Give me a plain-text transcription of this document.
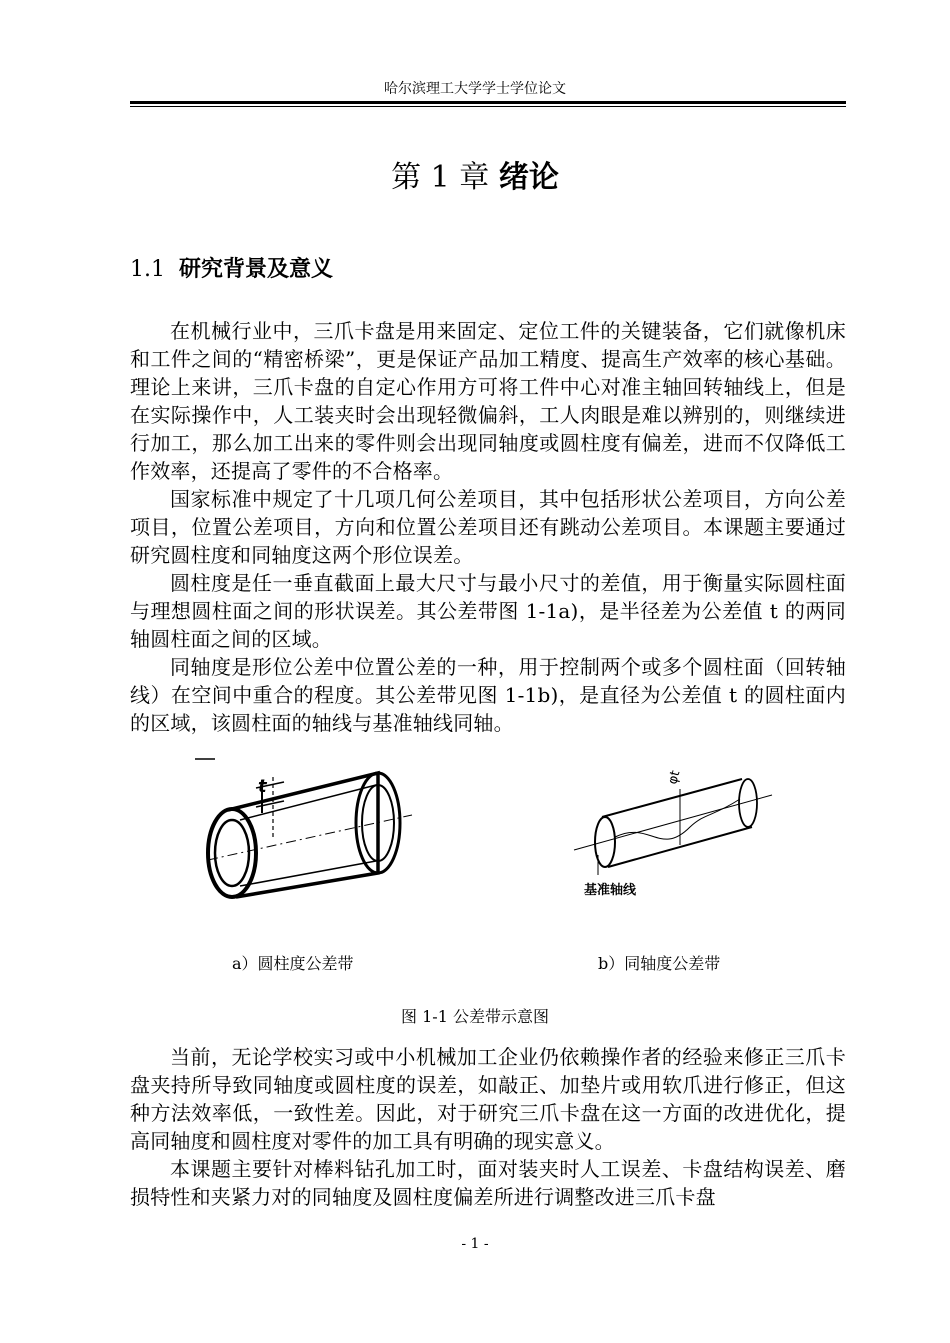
哈尔滨理工大学学士学位论文
第 1 章 绪论
1.1 研究背景及意义

在机械行业中，三爪卡盘是用来固定、定位工件的关键装备，它们就像机床和工件之间的“精密桥梁”，更是保证产品加工精度、提高生产效率的核心基础。理论上来讲，三爪卡盘的自定心作用方可将工件中心对准主轴回转轴线上，但是在实际操作中，人工装夹时会出现轻微偏斜，工人肉眼是难以辨别的，则继续进行加工，那么加工出来的零件则会出现同轴度或圆柱度有偏差，进而不仅降低工作效率，还提高了零件的不合格率。

国家标准中规定了十几项几何公差项目，其中包括形状公差项目，方向公差项目，位置公差项目，方向和位置公差项目还有跳动公差项目。本课题主要通过研究圆柱度和同轴度这两个形位误差。

圆柱度是任一垂直截面上最大尺寸与最小尺寸的差值，用于衡量实际圆柱面与理想圆柱面之间的形状误差。其公差带图 1-1a)，是半径差为公差值 t 的两同轴圆柱面之间的区域。

同轴度是形位公差中位置公差的一种，用于控制两个或多个圆柱面（回转轴线）在空间中重合的程度。其公差带见图 1-1b)，是直径为公差值 t 的圆柱面内的区域，该圆柱面的轴线与基准轴线同轴。

t	φt
基准轴线
a）圆柱度公差带	b）同轴度公差带
图 1-1 公差带示意图

当前，无论学校实习或中小机械加工企业仍依赖操作者的经验来修正三爪卡盘夹持所导致同轴度或圆柱度的误差，如敲正、加垫片或用软爪进行修正，但这种方法效率低，一致性差。因此，对于研究三爪卡盘在这一方面的改进优化，提高同轴度和圆柱度对零件的加工具有明确的现实意义。

本课题主要针对棒料钻孔加工时，面对装夹时人工误差、卡盘结构误差、磨损特性和夹紧力对的同轴度及圆柱度偏差所进行调整改进三爪卡盘

- 1 -
